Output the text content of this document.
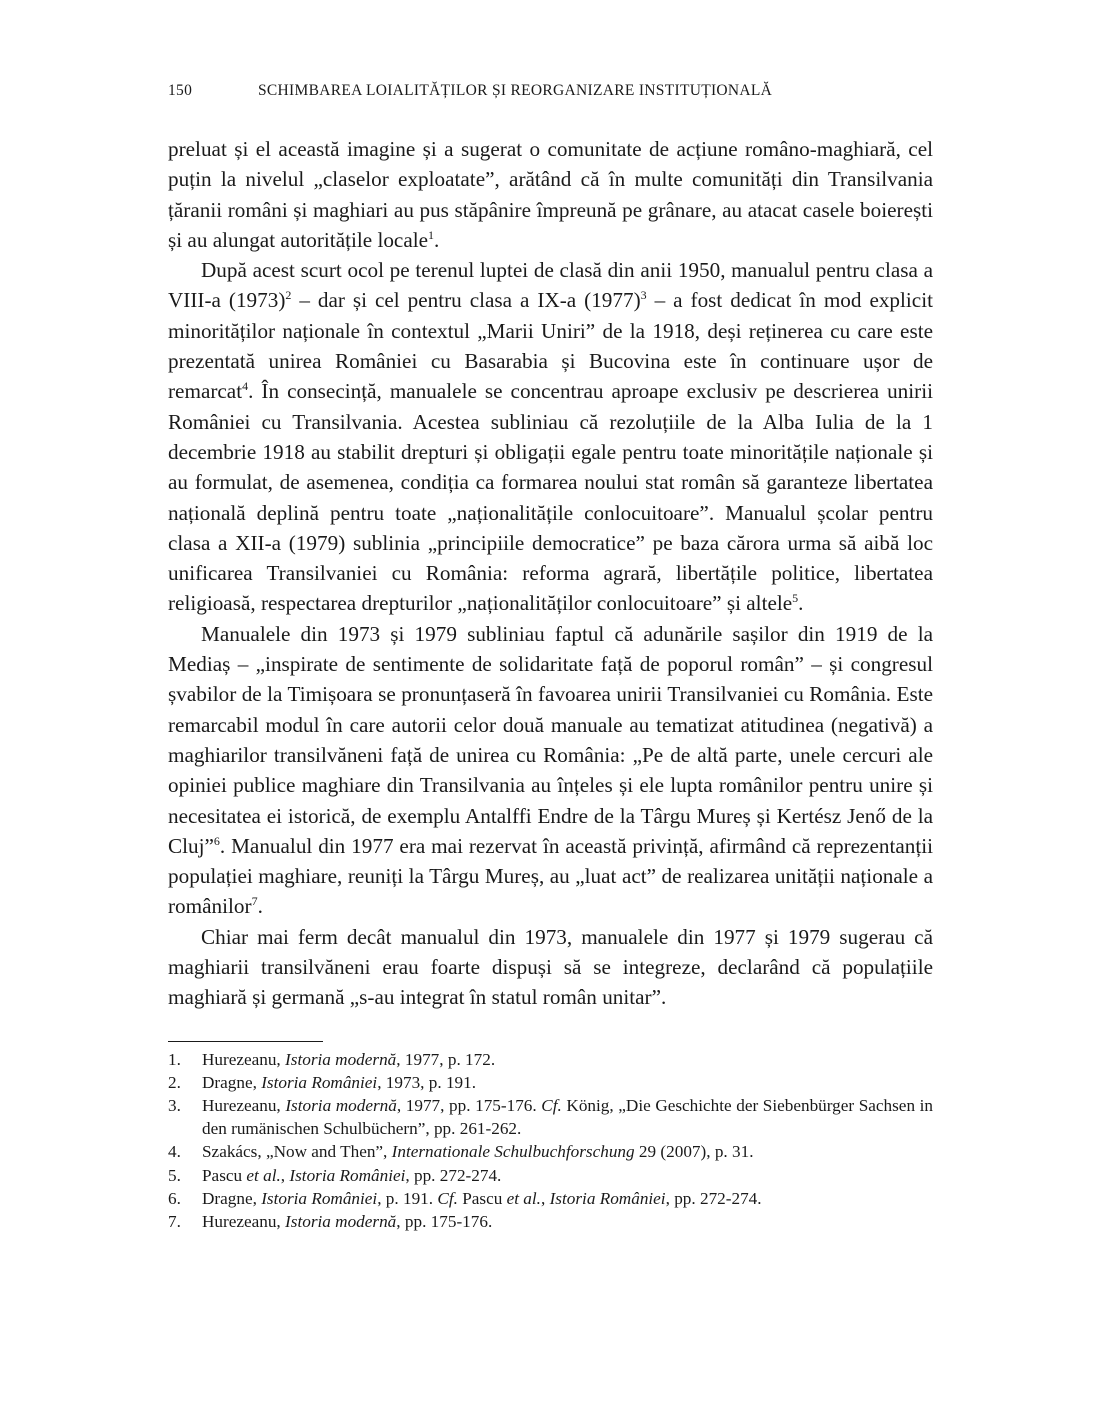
150	SCHIMBAREA LOIALITĂȚILOR ȘI REORGANIZARE INSTITUȚIONALĂ

preluat și el această imagine și a sugerat o comunitate de acțiune româno-maghiară, cel puțin la nivelul „claselor exploatate”, arătând că în multe comunități din Transilvania țăranii români și maghiari au pus stăpânire împreună pe grânare, au atacat casele boierești și au alungat autoritățile locale$^1$.

După acest scurt ocol pe terenul luptei de clasă din anii 1950, manualul pentru clasa a VIII-a $(1973)^2$ – dar și cel pentru clasa a IX-a $(1977)^3$ – a fost dedicat în mod explicit minorităților naționale în contextul „Marii Uniri” de la 1918, deși reținerea cu care este prezentată unirea României cu Basarabia și Bucovina este în continuare ușor de remarcat$^4$. În consecință, manualele se concentrau aproape exclusiv pe descrierea unirii României cu Transilvania. Acestea subliniau că rezoluțiile de la Alba Iulia de la 1 decembrie 1918 au stabilit drepturi și obligații egale pentru toate minoritățile naționale și au formulat, de asemenea, condiția ca formarea noului stat român să garanteze libertatea națională deplină pentru toate „naționalitățile conlocuitoare”. Manualul școlar pentru clasa a XII-a (1979) sublinia „principiile democratice” pe baza cărora urma să aibă loc unificarea Transilvaniei cu România: reforma agrară, libertățile politice, libertatea religioasă, respectarea drepturilor „naționalităților conlocuitoare” și altele$^5$.

Manualele din 1973 și 1979 subliniau faptul că adunările sașilor din 1919 de la Mediaș – „inspirate de sentimente de solidaritate față de poporul român” – și congresul șvabilor de la Timișoara se pronunțaseră în favoarea unirii Transilvaniei cu România. Este remarcabil modul în care autorii celor două manuale au tematizat atitudinea (negativă) a maghiarilor transilvăneni față de unirea cu România: „Pe de altă parte, unele cercuri ale opiniei publice maghiare din Transilvania au înțeles și ele lupta românilor pentru unire și necesitatea ei istorică, de exemplu Antalffi Endre de la Târgu Mureș și Kertész Jenő de la Cluj”$^6$. Manualul din 1977 era mai rezervat în această privință, afirmând că reprezentanții populației maghiare, reuniți la Târgu Mureș, au „luat act” de realizarea unității naționale a românilor$^7$.

Chiar mai ferm decât manualul din 1973, manualele din 1977 și 1979 sugerau că maghiarii transilvăneni erau foarte dispuși să se integreze, declarând că populațiile maghiară și germană „s-au integrat în statul român unitar”.

1.	Hurezeanu, Istoria modernă, 1977, p. 172.
2.	Dragne, Istoria României, 1973, p. 191.
3.	Hurezeanu, Istoria modernă, 1977, pp. 175-176. Cf. König, „Die Geschichte der Siebenbürger Sachsen in den rumänischen Schulbüchern”, pp. 261-262.
4.	Szakács, „Now and Then”, Internationale Schulbuchforschung 29 (2007), p. 31.
5.	Pascu et al., Istoria României, pp. 272-274.
6.	Dragne, Istoria României, p. 191. Cf. Pascu et al., Istoria României, pp. 272-274.
7.	Hurezeanu, Istoria modernă, pp. 175-176.
